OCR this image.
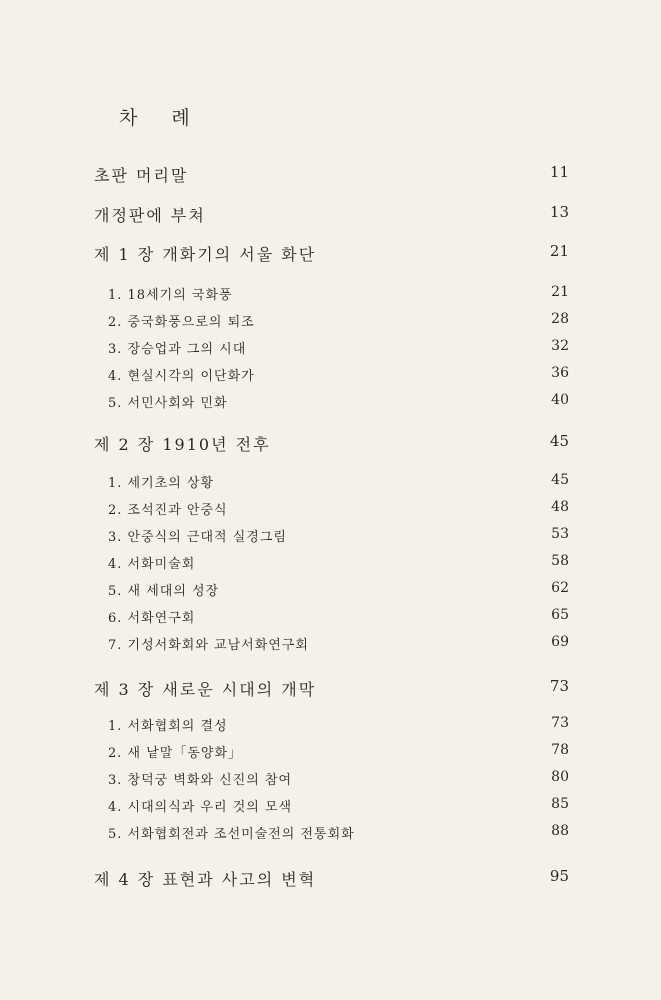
차 례
초판 머리말	11
개정판에 부쳐	13
제 1 장 개화기의 서울 화단	21
1. 18세기의 국화풍	21
2. 중국화풍으로의 퇴조	28
3. 장승업과 그의 시대	32
4. 현실시각의 이단화가	36
5. 서민사회와 민화	40
제 2 장 1910년 전후	45
1. 세기초의 상황	45
2. 조석진과 안중식	48
3. 안중식의 근대적 실경그림	53
4. 서화미술회	58
5. 새 세대의 성장	62
6. 서화연구회	65
7. 기성서화회와 교남서화연구회	69
제 3 장 새로운 시대의 개막	73
1. 서화협회의 결성	73
2. 새 낱말「동양화」	78
3. 창덕궁 벽화와 신진의 참여	80
4. 시대의식과 우리 것의 모색	85
5. 서화협회전과 조선미술전의 전통회화	88
제 4 장 표현과 사고의 변혁	95
